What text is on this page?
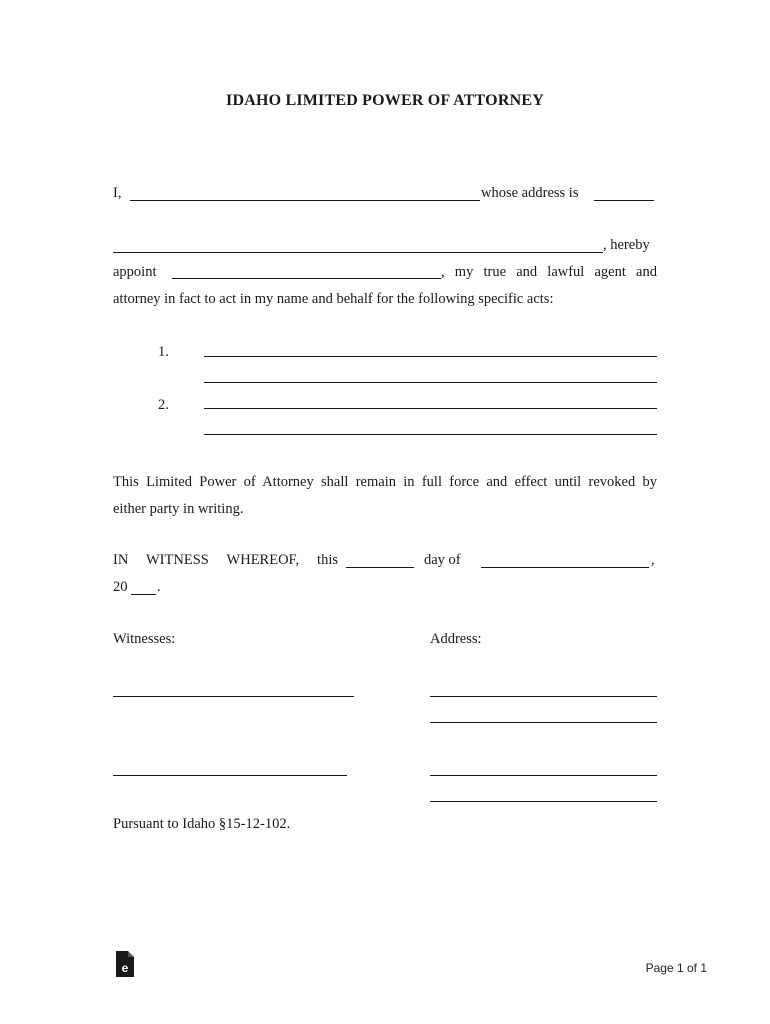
IDAHO LIMITED POWER OF ATTORNEY
I,	whose address is
, hereby
appoint	, my true and lawful agent and
attorney in fact to act in my name and behalf for the following specific acts:
1.
2.
This Limited Power of Attorney shall remain in full force and effect until revoked by
either party in writing.
IN WITNESS WHEREOF, this	day of	,
20 .
Witnesses:	Address:
Pursuant to Idaho §15-12-102.
e	Page 1 of 1
